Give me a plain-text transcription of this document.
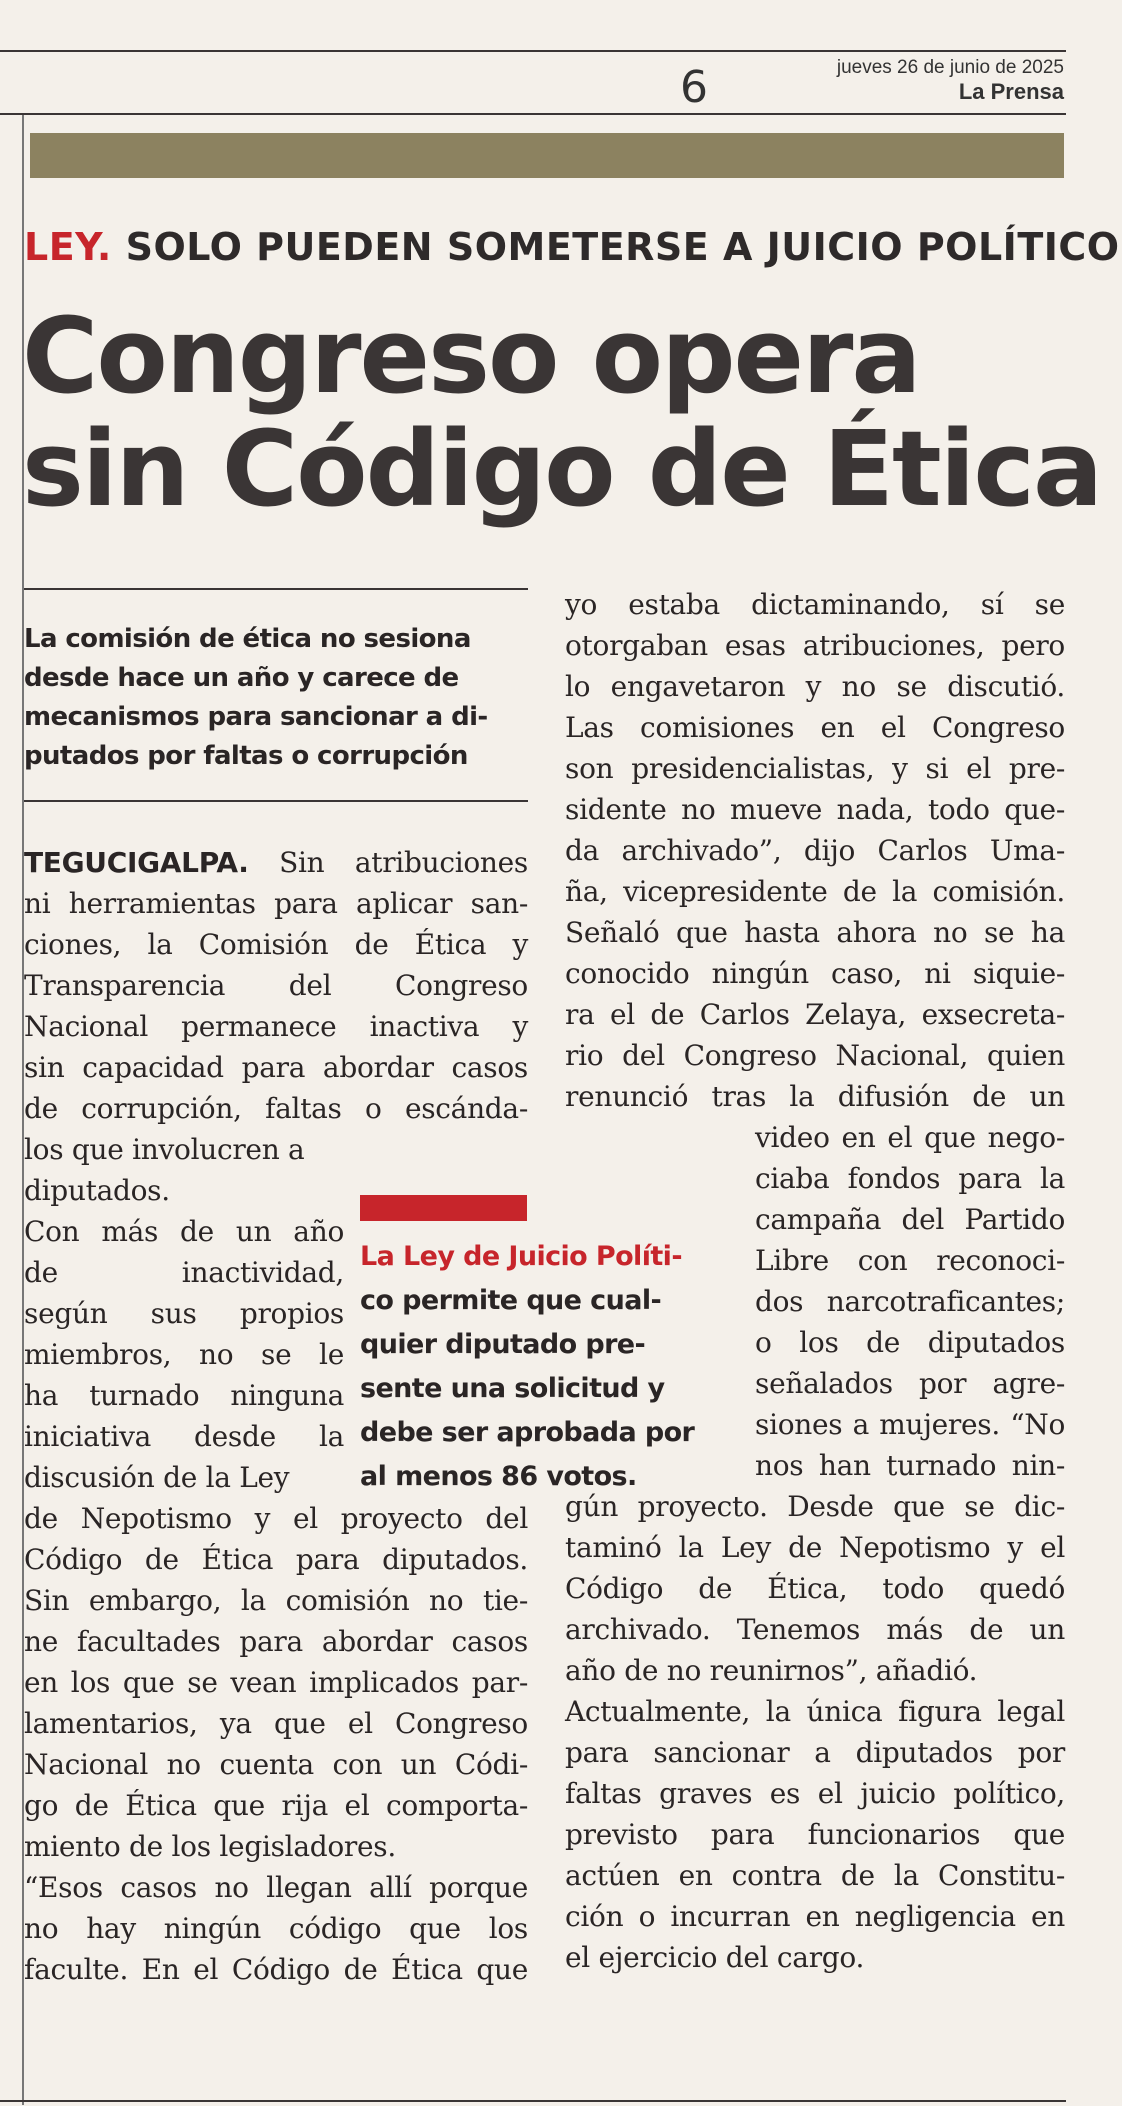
6	jueves 26 de junio de 2025
La Prensa
LEY. SOLO PUEDEN SOMETERSE A JUICIO POLÍTICO
Congreso opera
sin Código de Ética
La comisión de ética no sesiona
desde hace un año y carece de
mecanismos para sancionar a di-
putados por faltas o corrupción

TEGUCIGALPA. Sin atribuciones

ni herramientas para aplicar san-

ciones, la Comisión de Ética y

Transparencia del Congreso

Nacional permanece inactiva y

sin capacidad para abordar casos

de corrupción, faltas o escánda-

los que involucren a

diputados.

Con más de un año

de inactividad,

según sus propios

miembros, no se le

ha turnado ninguna

iniciativa desde la

discusión de la Ley

de Nepotismo y el proyecto del

Código de Ética para diputados.

Sin embargo, la comisión no tie-

ne facultades para abordar casos

en los que se vean implicados par-

lamentarios, ya que el Congreso

Nacional no cuenta con un Códi-

go de Ética que rija el comporta-

miento de los legisladores.

“Esos casos no llegan allí porque

no hay ningún código que los

faculte. En el Código de Ética que

La Ley de Juicio Políti-

co permite que cual-

quier diputado pre-

sente una solicitud y

debe ser aprobada por

al menos 86 votos.

yo estaba dictaminando, sí se

otorgaban esas atribuciones, pero

lo engavetaron y no se discutió.

Las comisiones en el Congreso

son presidencialistas, y si el pre-

sidente no mueve nada, todo que-

da archivado”, dijo Carlos Uma-

ña, vicepresidente de la comisión.

Señaló que hasta ahora no se ha

conocido ningún caso, ni siquie-

ra el de Carlos Zelaya, exsecreta-

rio del Congreso Nacional, quien

renunció tras la difusión de un

video en el que nego-

ciaba fondos para la

campaña del Partido

Libre con reconoci-

dos narcotraficantes;

o los de diputados

señalados por agre-

siones a mujeres. “No

nos han turnado nin-

gún proyecto. Desde que se dic-

taminó la Ley de Nepotismo y el

Código de Ética, todo quedó

archivado. Tenemos más de un

año de no reunirnos”, añadió.

Actualmente, la única figura legal

para sancionar a diputados por

faltas graves es el juicio político,

previsto para funcionarios que

actúen en contra de la Constitu-

ción o incurran en negligencia en

el ejercicio del cargo.
